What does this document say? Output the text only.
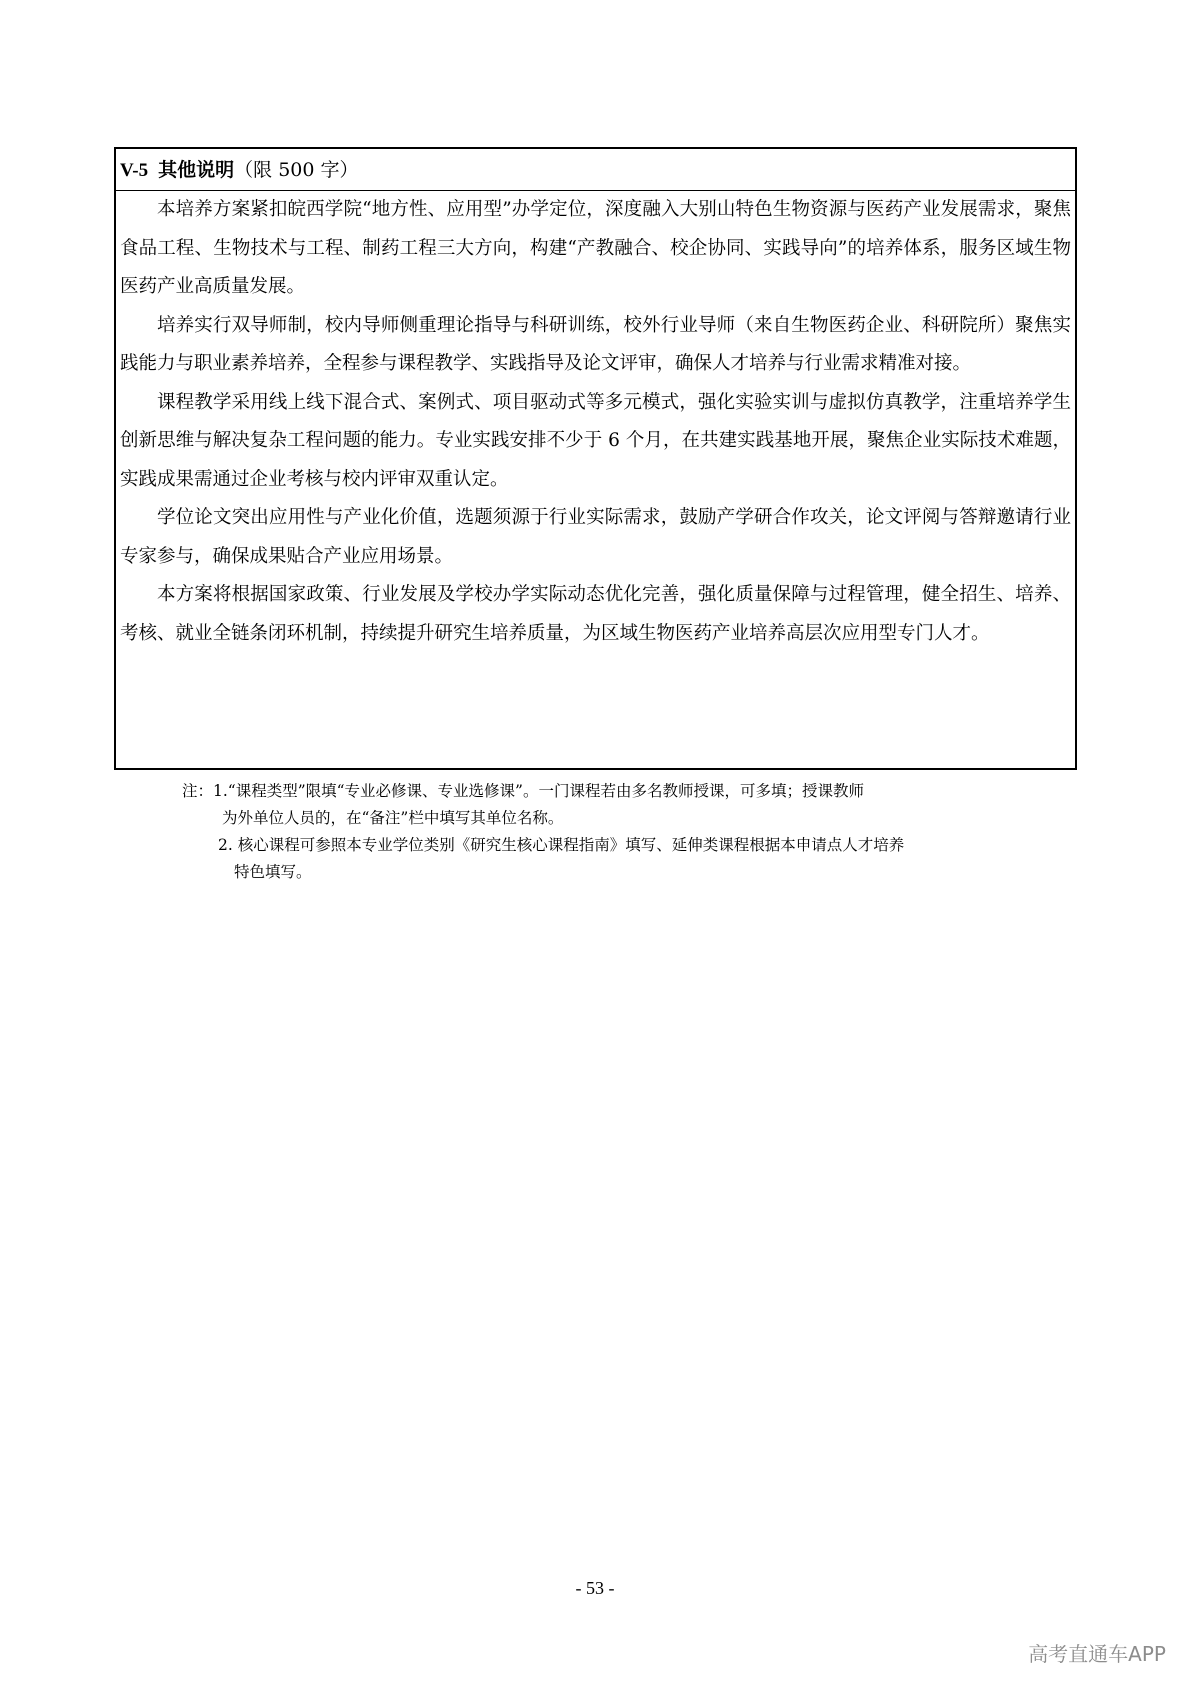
V-5 其他说明（限 500 字）

本培养方案紧扣皖西学院“地方性、应用型”办学定位，深度融入大别山特色生物资源与医药产业发展需求，聚焦食品工程、生物技术与工程、制药工程三大方向，构建“产教融合、校企协同、实践导向”的培养体系，服务区域生物医药产业高质量发展。

培养实行双导师制，校内导师侧重理论指导与科研训练，校外行业导师（来自生物医药企业、科研院所）聚焦实践能力与职业素养培养，全程参与课程教学、实践指导及论文评审，确保人才培养与行业需求精准对接。

课程教学采用线上线下混合式、案例式、项目驱动式等多元模式，强化实验实训与虚拟仿真教学，注重培养学生创新思维与解决复杂工程问题的能力。专业实践安排不少于 6 个月，在共建实践基地开展，聚焦企业实际技术难题，实践成果需通过企业考核与校内评审双重认定。

学位论文突出应用性与产业化价值，选题须源于行业实际需求，鼓励产学研合作攻关，论文评阅与答辩邀请行业专家参与，确保成果贴合产业应用场景。

本方案将根据国家政策、行业发展及学校办学实际动态优化完善，强化质量保障与过程管理，健全招生、培养、考核、就业全链条闭环机制，持续提升研究生培养质量，为区域生物医药产业培养高层次应用型专门人才。

注：1.“课程类型”限填“专业必修课、专业选修课”。一门课程若由多名教师授课，可多填；授课教师
为外单位人员的，在“备注”栏中填写其单位名称。
2. 核心课程可参照本专业学位类别《研究生核心课程指南》填写、延伸类课程根据本申请点人才培养
特色填写。
- 53 -
高考直通车APP
